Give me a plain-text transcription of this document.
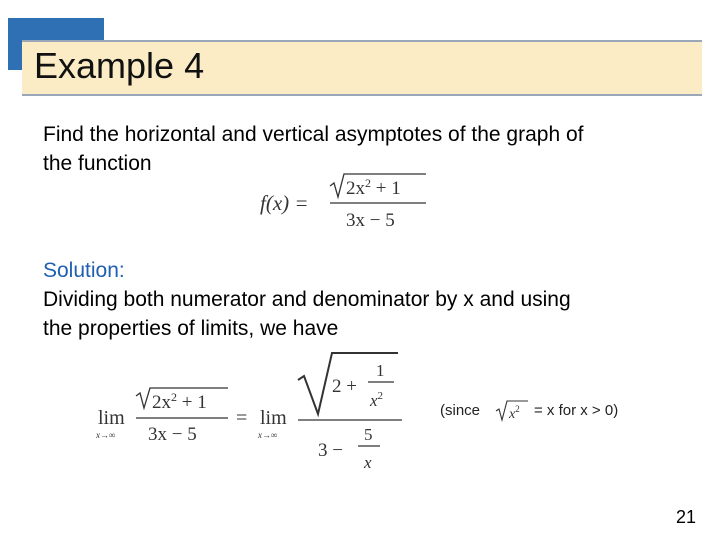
Example 4
Find the horizontal and vertical asymptotes of the graph of
the function
f(x) =
$2x^2 + 1$
3x − 5
Solution:
Dividing both numerator and denominator by x and using
the properties of limits, we have
lim
x→∞
$2x^2 + 1$
3x − 5
= lim
x→∞
2 +
1
$x^2$
3 −
5
x
(since $x^2 = x$ for x > 0)
21
